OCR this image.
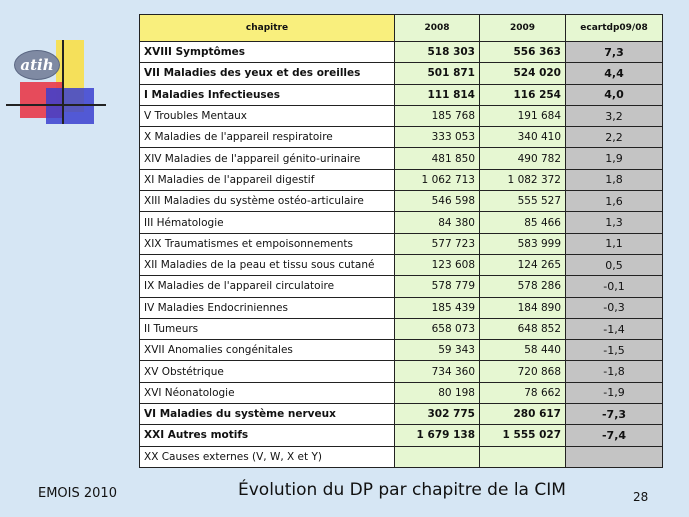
atih
chapitre	2008	2009	ecartdp09/08
XVIII Symptômes	518 303	556 363	7,3
VII Maladies des yeux et des oreilles	501 871	524 020	4,4
I Maladies Infectieuses	111 814	116 254	4,0
V Troubles Mentaux	185 768	191 684	3,2
X Maladies de l'appareil respiratoire	333 053	340 410	2,2
XIV Maladies de l'appareil génito-urinaire	481 850	490 782	1,9
XI Maladies de l'appareil digestif	1 062 713	1 082 372	1,8
XIII Maladies du système ostéo-articulaire	546 598	555 527	1,6
III Hématologie	84 380	85 466	1,3
XIX Traumatismes et empoisonnements	577 723	583 999	1,1
XII Maladies de la peau et tissu sous cutané	123 608	124 265	0,5
IX Maladies de l'appareil circulatoire	578 779	578 286	-0,1
IV Maladies Endocriniennes	185 439	184 890	-0,3
II Tumeurs	658 073	648 852	-1,4
XVII Anomalies congénitales	59 343	58 440	-1,5
XV Obstétrique	734 360	720 868	-1,8
XVI Néonatologie	80 198	78 662	-1,9
VI Maladies du système nerveux	302 775	280 617	-7,3
XXI Autres motifs	1 679 138	1 555 027	-7,4
XX Causes externes (V, W, X et Y)			
EMOIS 2010	Évolution du DP par chapitre de la CIM	28
